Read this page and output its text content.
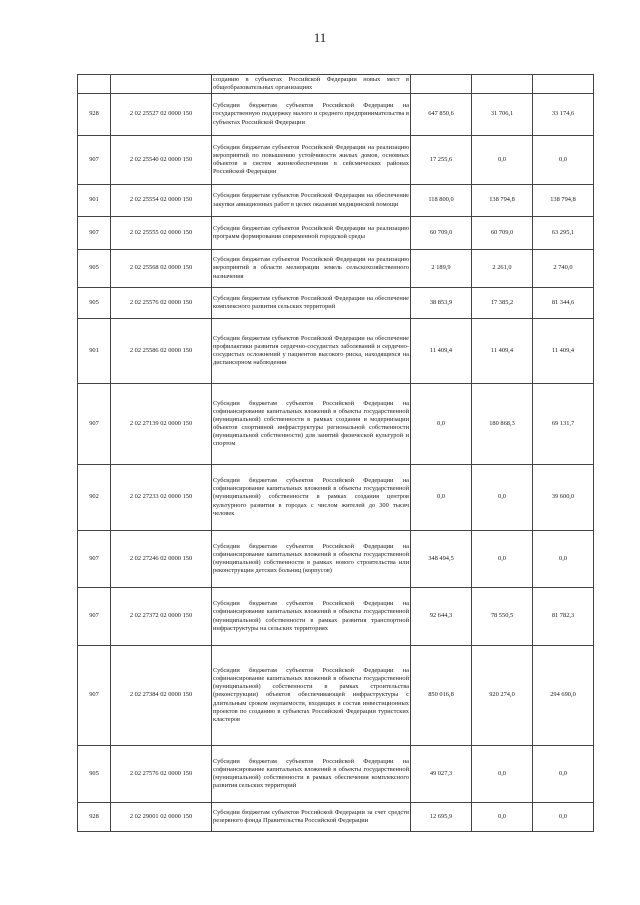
11
		созданию в субъектах Российской Федерации новых мест в общеобразовательных организациях			
928	2 02 25527 02 0000 150	Субсидии бюджетам субъектов Российской Федерации на государственную поддержку малого и среднего предпринимательства в субъектах Российской Федерации	647 850,6	31 706,1	33 174,6
907	2 02 25540 02 0000 150	Субсидии бюджетам субъектов Российской Федерации на реализацию мероприятий по повышению устойчивости жилых домов, основных объектов и систем жизнеобеспечения в сейсмических районах Российской Федерации	17 255,6	0,0	0,0
901	2 02 25554 02 0000 150	Субсидии бюджетам субъектов Российской Федерации на обеспечение закупки авиационных работ в целях оказания медицинской помощи	118 800,0	138 794,8	138 794,8
907	2 02 25555 02 0000 150	Субсидии бюджетам субъектов Российской Федерации на реализацию программ формирования современной городской среды	60 709,0	60 709,0	63 295,1
905	2 02 25568 02 0000 150	Субсидии бюджетам субъектов Российской Федерации на реализацию мероприятий в области мелиорации земель сельскохозяйственного назначения	2 189,9	2 261,0	2 740,0
905	2 02 25576 02 0000 150	Субсидии бюджетам субъектов Российской Федерации на обеспечение комплексного развития сельских территорий	38 853,9	17 385,2	81 344,6
901	2 02 25586 02 0000 150	Субсидии бюджетам субъектов Российской Федерации на обеспечение профилактики развития сердечно-сосудистых заболеваний и сердечно-сосудистых осложнений у пациентов высокого риска, находящихся на диспансерном наблюдении	11 409,4	11 409,4	11 409,4
907	2 02 27139 02 0000 150	Субсидии бюджетам субъектов Российской Федерации на софинансирование капитальных вложений в объекты государственной (муниципальной) собственности в рамках создания и модернизации объектов спортивной инфраструктуры региональной собственности (муниципальной собственности) для занятий физической культурой и спортом	0,0	180 868,3	69 131,7
902	2 02 27233 02 0000 150	Субсидии бюджетам субъектов Российской Федерации на софинансирование капитальных вложений в объекты государственной (муниципальной) собственности в рамках создания центров культурного развития в городах с числом жителей до 300 тысяч человек	0,0	0,0	39 600,0
907	2 02 27246 02 0000 150	Субсидии бюджетам субъектов Российской Федерации на софинансирование капитальных вложений в объекты государственной (муниципальной) собственности в рамках нового строительства или реконструкции детских больниц (корпусов)	348 494,5	0,0	0,0
907	2 02 27372 02 0000 150	Субсидии бюджетам субъектов Российской Федерации на софинансирование капитальных вложений в объекты государственной (муниципальной) собственности в рамках развития транспортной инфраструктуры на сельских территориях	92 644,3	78 550,5	81 782,3
907	2 02 27384 02 0000 150	Субсидии бюджетам субъектов Российской Федерации на софинансирование капитальных вложений в объекты государственной (муниципальной) собственности в рамках строительства (реконструкции) объектов обеспечивающей инфраструктуры с длительным сроком окупаемости, входящих в состав инвестиционных проектов по созданию в субъектах Российской Федерации туристских кластеров	850 016,8	920 274,0	294 690,0
905	2 02 27576 02 0000 150	Субсидии бюджетам субъектов Российской Федерации на софинансирование капитальных вложений в объекты государственной (муниципальной) собственности в рамках обеспечения комплексного развития сельских территорий	49 027,3	0,0	0,0
928	2 02 29001 02 0000 150	Субсидии бюджетам субъектов Российской Федерации за счет средств резервного фонда Правительства Российской Федерации	12 695,9	0,0	0,0
